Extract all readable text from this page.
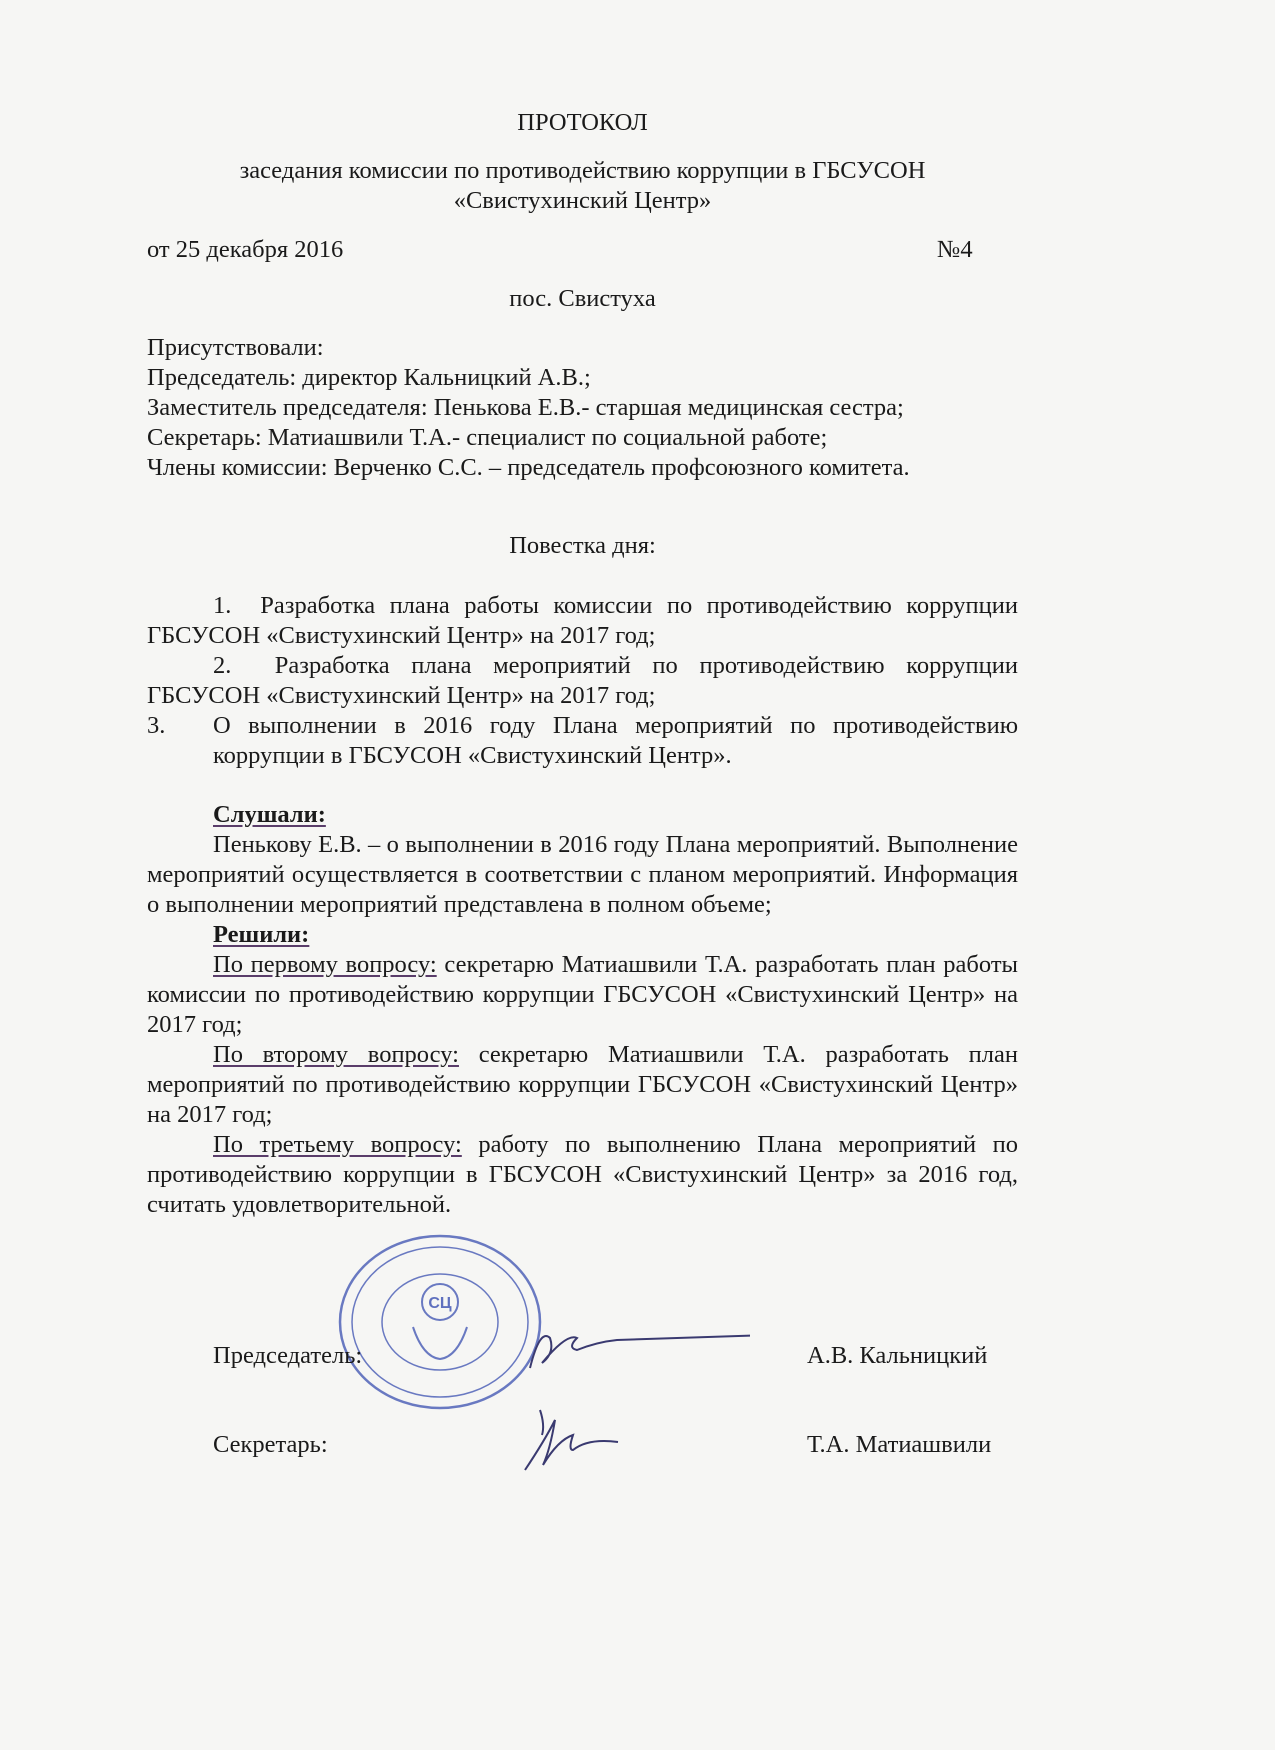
ПРОТОКОЛ
заседания комиссии по противодействию коррупции в ГБСУСОН
«Свистухинский Центр»
от 25 декабря 2016	№4
пос. Свистуха
Присутствовали:
Председатель: директор Кальницкий А.В.;
Заместитель председателя: Пенькова Е.В.- старшая медицинская сестра;
Секретарь: Матиашвили Т.А.- специалист по социальной работе;
Члены комиссии: Верченко С.С. – председатель профсоюзного комитета.
Повестка дня:

1. Разработка плана работы комиссии по противодействию коррупции ГБСУСОН «Свистухинский Центр» на 2017 год;

2. Разработка плана мероприятий по противодействию коррупции ГБСУСОН «Свистухинский Центр» на 2017 год;

3.	О выполнении в 2016 году Плана мероприятий по противодействию коррупции в ГБСУСОН «Свистухинский Центр».

Слушали:

Пенькову Е.В. – о выполнении в 2016 году Плана мероприятий. Выполнение мероприятий осуществляется в соответствии с планом мероприятий. Информация о выполнении мероприятий представлена в полном объеме;

Решили:

По первому вопросу: секретарю Матиашвили Т.А. разработать план работы комиссии по противодействию коррупции ГБСУСОН «Свистухинский Центр» на 2017 год;

По второму вопросу: секретарю Матиашвили Т.А. разработать план мероприятий по противодействию коррупции ГБСУСОН «Свистухинский Центр» на 2017 год;

По третьему вопросу: работу по выполнению Плана мероприятий по противодействию коррупции в ГБСУСОН «Свистухинский Центр» за 2016 год, считать удовлетворительной.

СЦ
Председатель:	А.В. Кальницкий
Секретарь:	Т.А. Матиашвили
